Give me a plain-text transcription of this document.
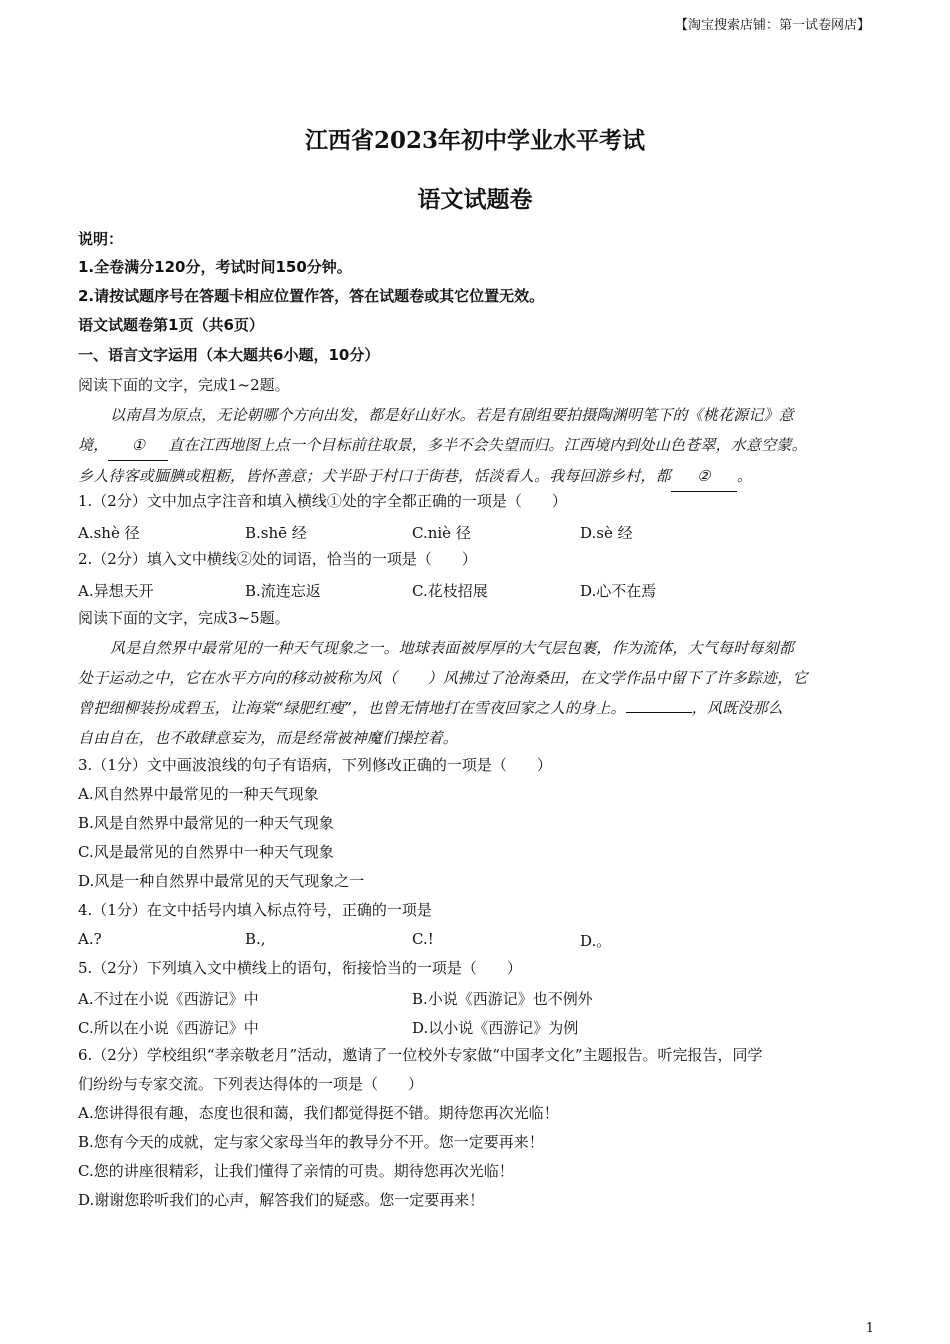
【淘宝搜索店铺：第一试卷网店】
江西省2023年初中学业水平考试
语文试题卷
说明：
1.全卷满分120分，考试时间150分钟。
2.请按试题序号在答题卡相应位置作答，答在试题卷或其它位置无效。
语文试题卷第1页（共6页）
一、语言文字运用（本大题共6小题，10分）
阅读下面的文字，完成1~2题。
以南昌为原点，无论朝哪个方向出发，都是好山好水。若是有剧组要拍摄陶渊明笔下的《桃花源记》意
境， ① 直在江西地图上点一个目标前往取景，多半不会失望而归。江西境内到处山色苍翠，水意空蒙。
乡人待客或腼腆或粗粝，皆怀善意；犬半卧于村口于街巷，恬淡看人。我每回游乡村，都 ② 。
1.（2分）文中加点字注音和填入横线①处的字全都正确的一项是（　　）
A.shè 径	B.shē 经	C.niè 径	D.sè 经
2.（2分）填入文中横线②处的词语，恰当的一项是（　　）
A.异想天开	B.流连忘返	C.花枝招展	D.心不在焉
阅读下面的文字，完成3~5题。
风是自然界中最常见的一种天气现象之一。地球表面被厚厚的大气层包裹，作为流体，大气每时每刻都
处于运动之中，它在水平方向的移动被称为风（　　）风拂过了沧海桑田，在文学作品中留下了许多踪迹，它
曾把细柳装扮成碧玉，让海棠“绿肥红瘦”，也曾无情地打在雪夜回家之人的身上。	，风既没那么
自由自在，也不敢肆意妄为，而是经常被神魔们操控着。
3.（1分）文中画波浪线的句子有语病，下列修改正确的一项是（　　）
A.风自然界中最常见的一种天气现象
B.风是自然界中最常见的一种天气现象
C.风是最常见的自然界中一种天气现象
D.风是一种自然界中最常见的天气现象之一
4.（1分）在文中括号内填入标点符号，正确的一项是
A.?	B.,	C.!	D.。
5.（2分）下列填入文中横线上的语句，衔接恰当的一项是（　　）
A.不过在小说《西游记》中	B.小说《西游记》也不例外
C.所以在小说《西游记》中	D.以小说《西游记》为例
6.（2分）学校组织“孝亲敬老月”活动，邀请了一位校外专家做“中国孝文化”主题报告。听完报告，同学
们纷纷与专家交流。下列表达得体的一项是（　　）
A.您讲得很有趣，态度也很和蔼，我们都觉得挺不错。期待您再次光临！
B.您有今天的成就，定与家父家母当年的教导分不开。您一定要再来！
C.您的讲座很精彩，让我们懂得了亲情的可贵。期待您再次光临！
D.谢谢您聆听我们的心声，解答我们的疑惑。您一定要再来！
1
